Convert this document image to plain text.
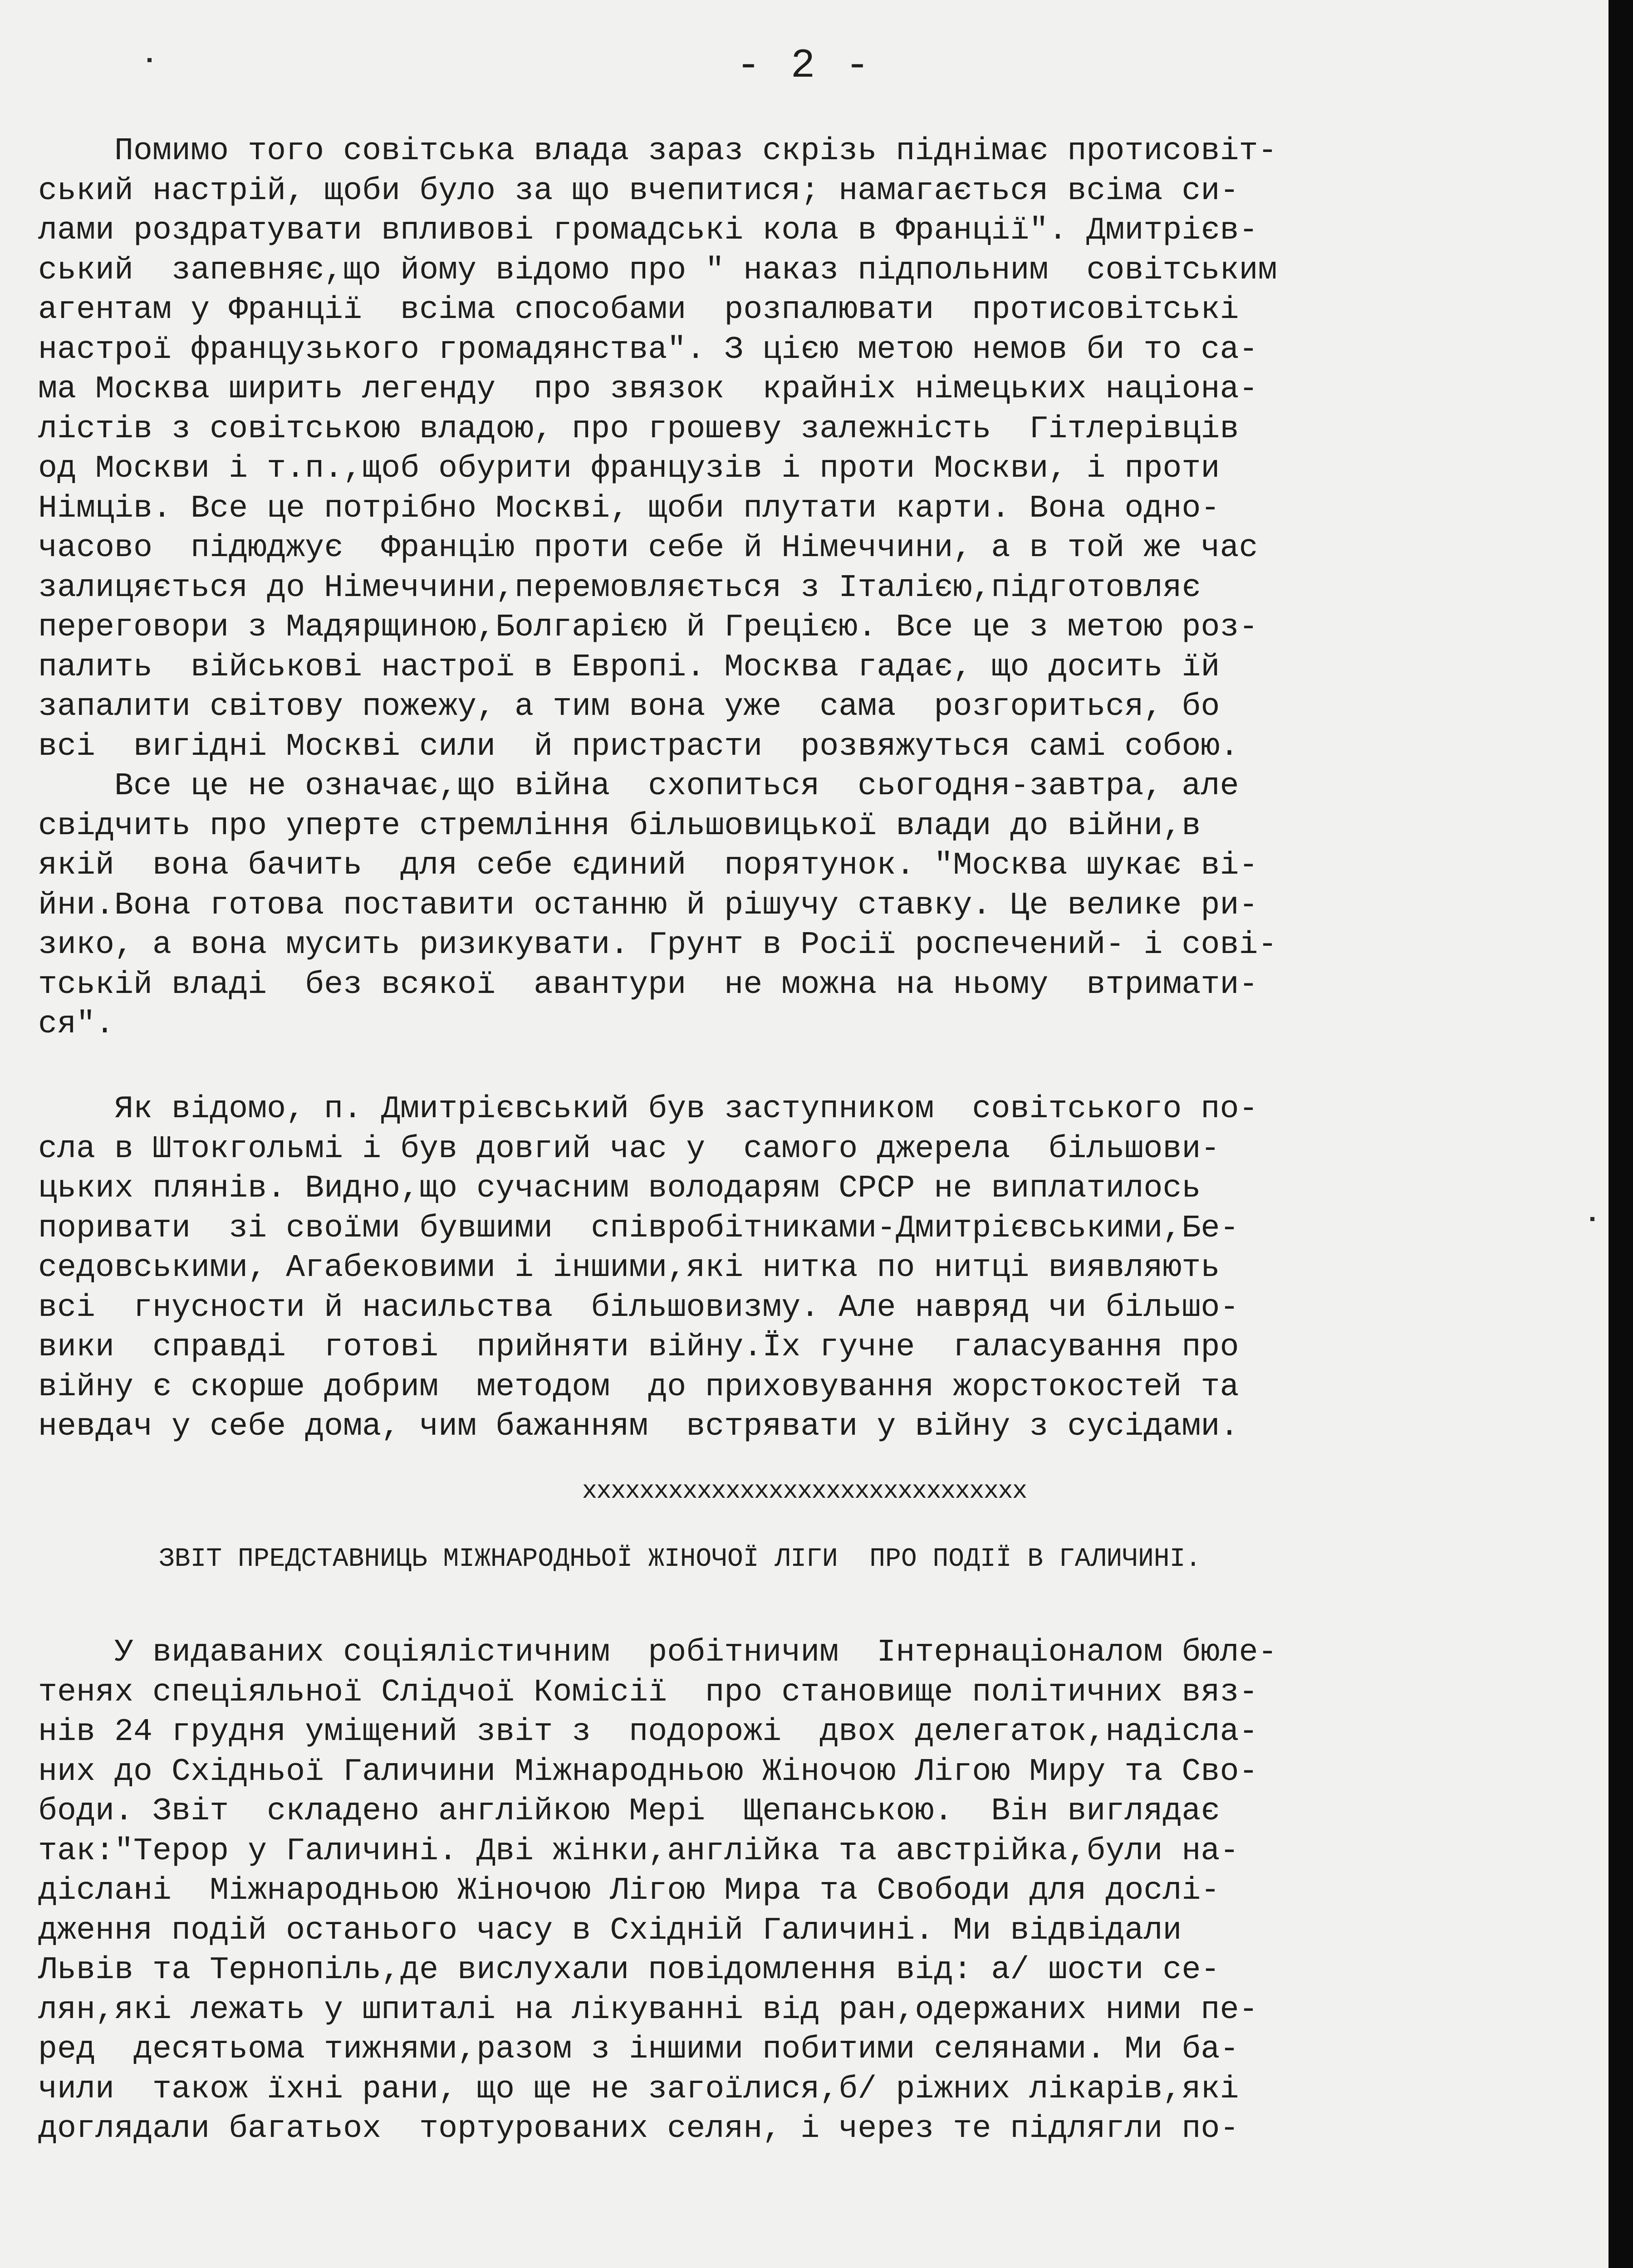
- 2 -
Помимо того совітська влада зараз скрізь піднімає протисовіт-
ський настрій, щоби було за що вчепитися; намагається всіма си-
лами роздратувати впливові громадські кола в Франції". Дмитрієв-
ський  запевняє,що йому відомо про " наказ підпольним  совітським
агентам у Франції  всіма способами  розпалювати  протисовітські
настрої французького громадянства". З цією метою немов би то са-
ма Москва ширить легенду  про звязок  крайніх німецьких націона-
лістів з совітською владою, про грошеву залежність  Гітлерівців
од Москви і т.п.,щоб обурити французів і проти Москви, і проти
Німців. Все це потрібно Москві, щоби плутати карти. Вона одно-
часово  підюджує  Францію проти себе й Німеччини, а в той же час
залицяється до Німеччини,перемовляється з Італією,підготовляє
переговори з Мадярщиною,Болгарією й Грецією. Все це з метою роз-
палить  військові настрої в Европі. Москва гадає, що досить їй
запалити світову пожежу, а тим вона уже  сама  розгориться, бо
всі  вигідні Москві сили  й пристрасти  розвяжуться самі собою.
Все це не означає,що війна  схопиться  сьогодня-завтра, але
свідчить про уперте стремління більшовицької влади до війни,в
якій  вона бачить  для себе єдиний  порятунок. "Москва шукає ві-
йни.Вона готова поставити останню й рішучу ставку. Це велике ри-
зико, а вона мусить ризикувати. Грунт в Росії роспечений- і сові-
тській владі  без всякої  авантури  не можна на ньому  втримати-
ся".
Як відомо, п. Дмитрієвський був заступником  совітського по-
сла в Штокгольмі і був довгий час у  самого джерела  більшови-
цьких плянів. Видно,що сучасним володарям СРСР не виплатилось
поривати  зі своїми бувшими  співробітниками-Дмитрієвськими,Бе-
седовськими, Агабековими і іншими,які нитка по нитці виявляють
всі  гнусности й насильства  більшовизму. Але навряд чи більшо-
вики  справді  готові  прийняти війну.Їх гучне  галасування про
війну є скорше добрим  методом  до приховування жорстокостей та
невдач у себе дома, чим бажанням  встрявати у війну з сусідами.
xxxxxxxxxxxxxxxxxxxxxxxxxxxxxxx
ЗВІТ ПРЕДСТАВНИЦЬ МІЖНАРОДНЬОЇ ЖІНОЧОЇ ЛІГИ  ПРО ПОДІЇ В ГАЛИЧИНІ.
У видаваних соціялістичним  робітничим  Інтернаціоналом бюле-
тенях спеціяльної Слідчої Комісії  про становище політичних вяз-
нів 24 грудня уміщений звіт з  подорожі  двох делегаток,надісла-
них до Східньої Галичини Міжнародньою Жіночою Лігою Миру та Сво-
боди. Звіт  складено англійкою Мері  Щепанською.  Він виглядає
так:"Терор у Галичині. Дві жінки,англійка та австрійка,були на-
діслані  Міжнародньою Жіночою Лігою Мира та Свободи для дослі-
дження подій останього часу в Східній Галичині. Ми відвідали
Львів та Тернопіль,де вислухали повідомлення від: а/ шости се-
лян,які лежать у шпиталі на лікуванні від ран,одержаних ними пе-
ред  десятьома тижнями,разом з іншими побитими селянами. Ми ба-
чили  також їхні рани, що ще не загоїлися,б/ ріжних лікарів,які
доглядали багатьох  тортурованих селян, і через те підлягли по-
